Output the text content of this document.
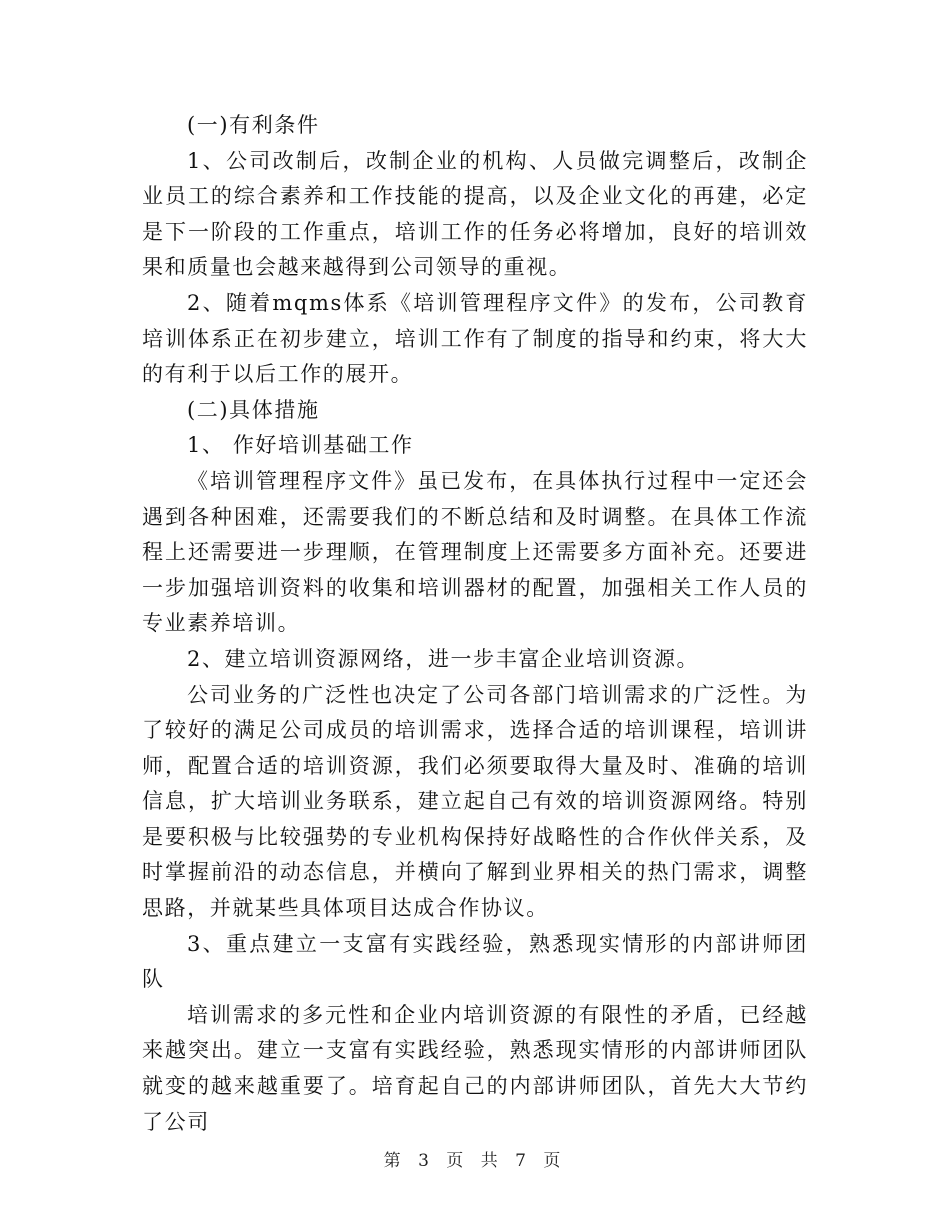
(一)有利条件

1、公司改制后，改制企业的机构、人员做完调整后，改制企业员工的综合素养和工作技能的提高，以及企业文化的再建，必定是下一阶段的工作重点，培训工作的任务必将增加，良好的培训效果和质量也会越来越得到公司领导的重视。

2、随着mqms体系《培训管理程序文件》的发布，公司教育培训体系正在初步建立，培训工作有了制度的指导和约束，将大大的有利于以后工作的展开。

(二)具体措施

1、 作好培训基础工作

《培训管理程序文件》虽已发布，在具体执行过程中一定还会遇到各种困难，还需要我们的不断总结和及时调整。在具体工作流程上还需要进一步理顺，在管理制度上还需要多方面补充。还要进一步加强培训资料的收集和培训器材的配置，加强相关工作人员的专业素养培训。

2、建立培训资源网络，进一步丰富企业培训资源。

公司业务的广泛性也决定了公司各部门培训需求的广泛性。为了较好的满足公司成员的培训需求，选择合适的培训课程，培训讲师，配置合适的培训资源，我们必须要取得大量及时、准确的培训信息，扩大培训业务联系，建立起自己有效的培训资源网络。特别是要积极与比较强势的专业机构保持好战略性的合作伙伴关系，及时掌握前沿的动态信息，并横向了解到业界相关的热门需求，调整思路，并就某些具体项目达成合作协议。

3、重点建立一支富有实践经验，熟悉现实情形的内部讲师团队

培训需求的多元性和企业内培训资源的有限性的矛盾，已经越来越突出。建立一支富有实践经验，熟悉现实情形的内部讲师团队就变的越来越重要了。培育起自己的内部讲师团队，首先大大节约了公司

第 3 页 共 7 页
